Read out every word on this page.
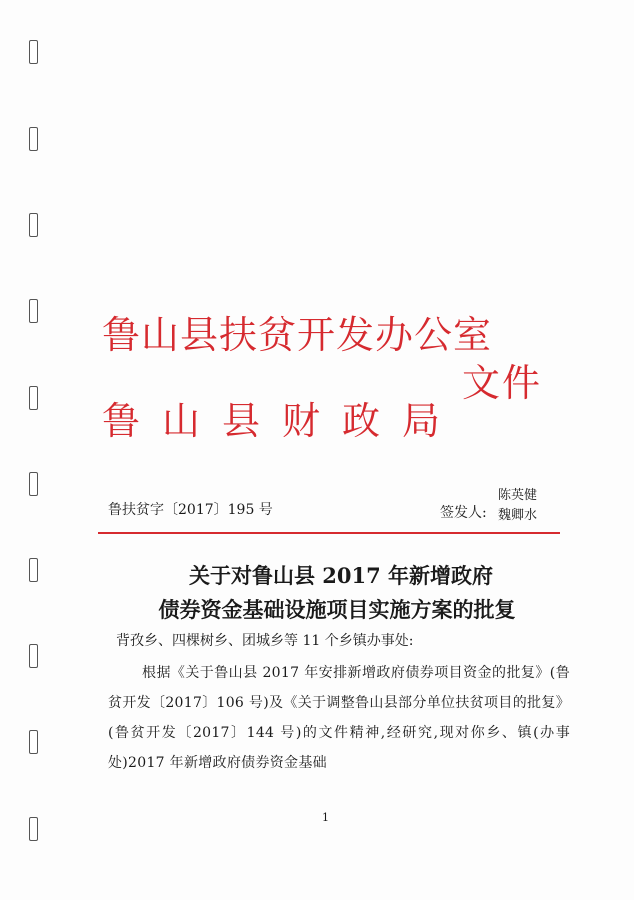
鲁山县扶贫开发办公室
鲁山县财政局
文件
鲁扶贫字〔2017〕195 号	签发人:
陈英健
魏卿水
关于对鲁山县 2017 年新增政府
债券资金基础设施项目实施方案的批复
背孜乡、四棵树乡、团城乡等 11 个乡镇办事处:
根据《关于鲁山县 2017 年安排新增政府债券项目资金的批复》(鲁贫开发〔2017〕106 号)及《关于调整鲁山县部分单位扶贫项目的批复》(鲁贫开发〔2017〕144 号)的文件精神,经研究,现对你乡、镇(办事处)2017 年新增政府债券资金基础
1
